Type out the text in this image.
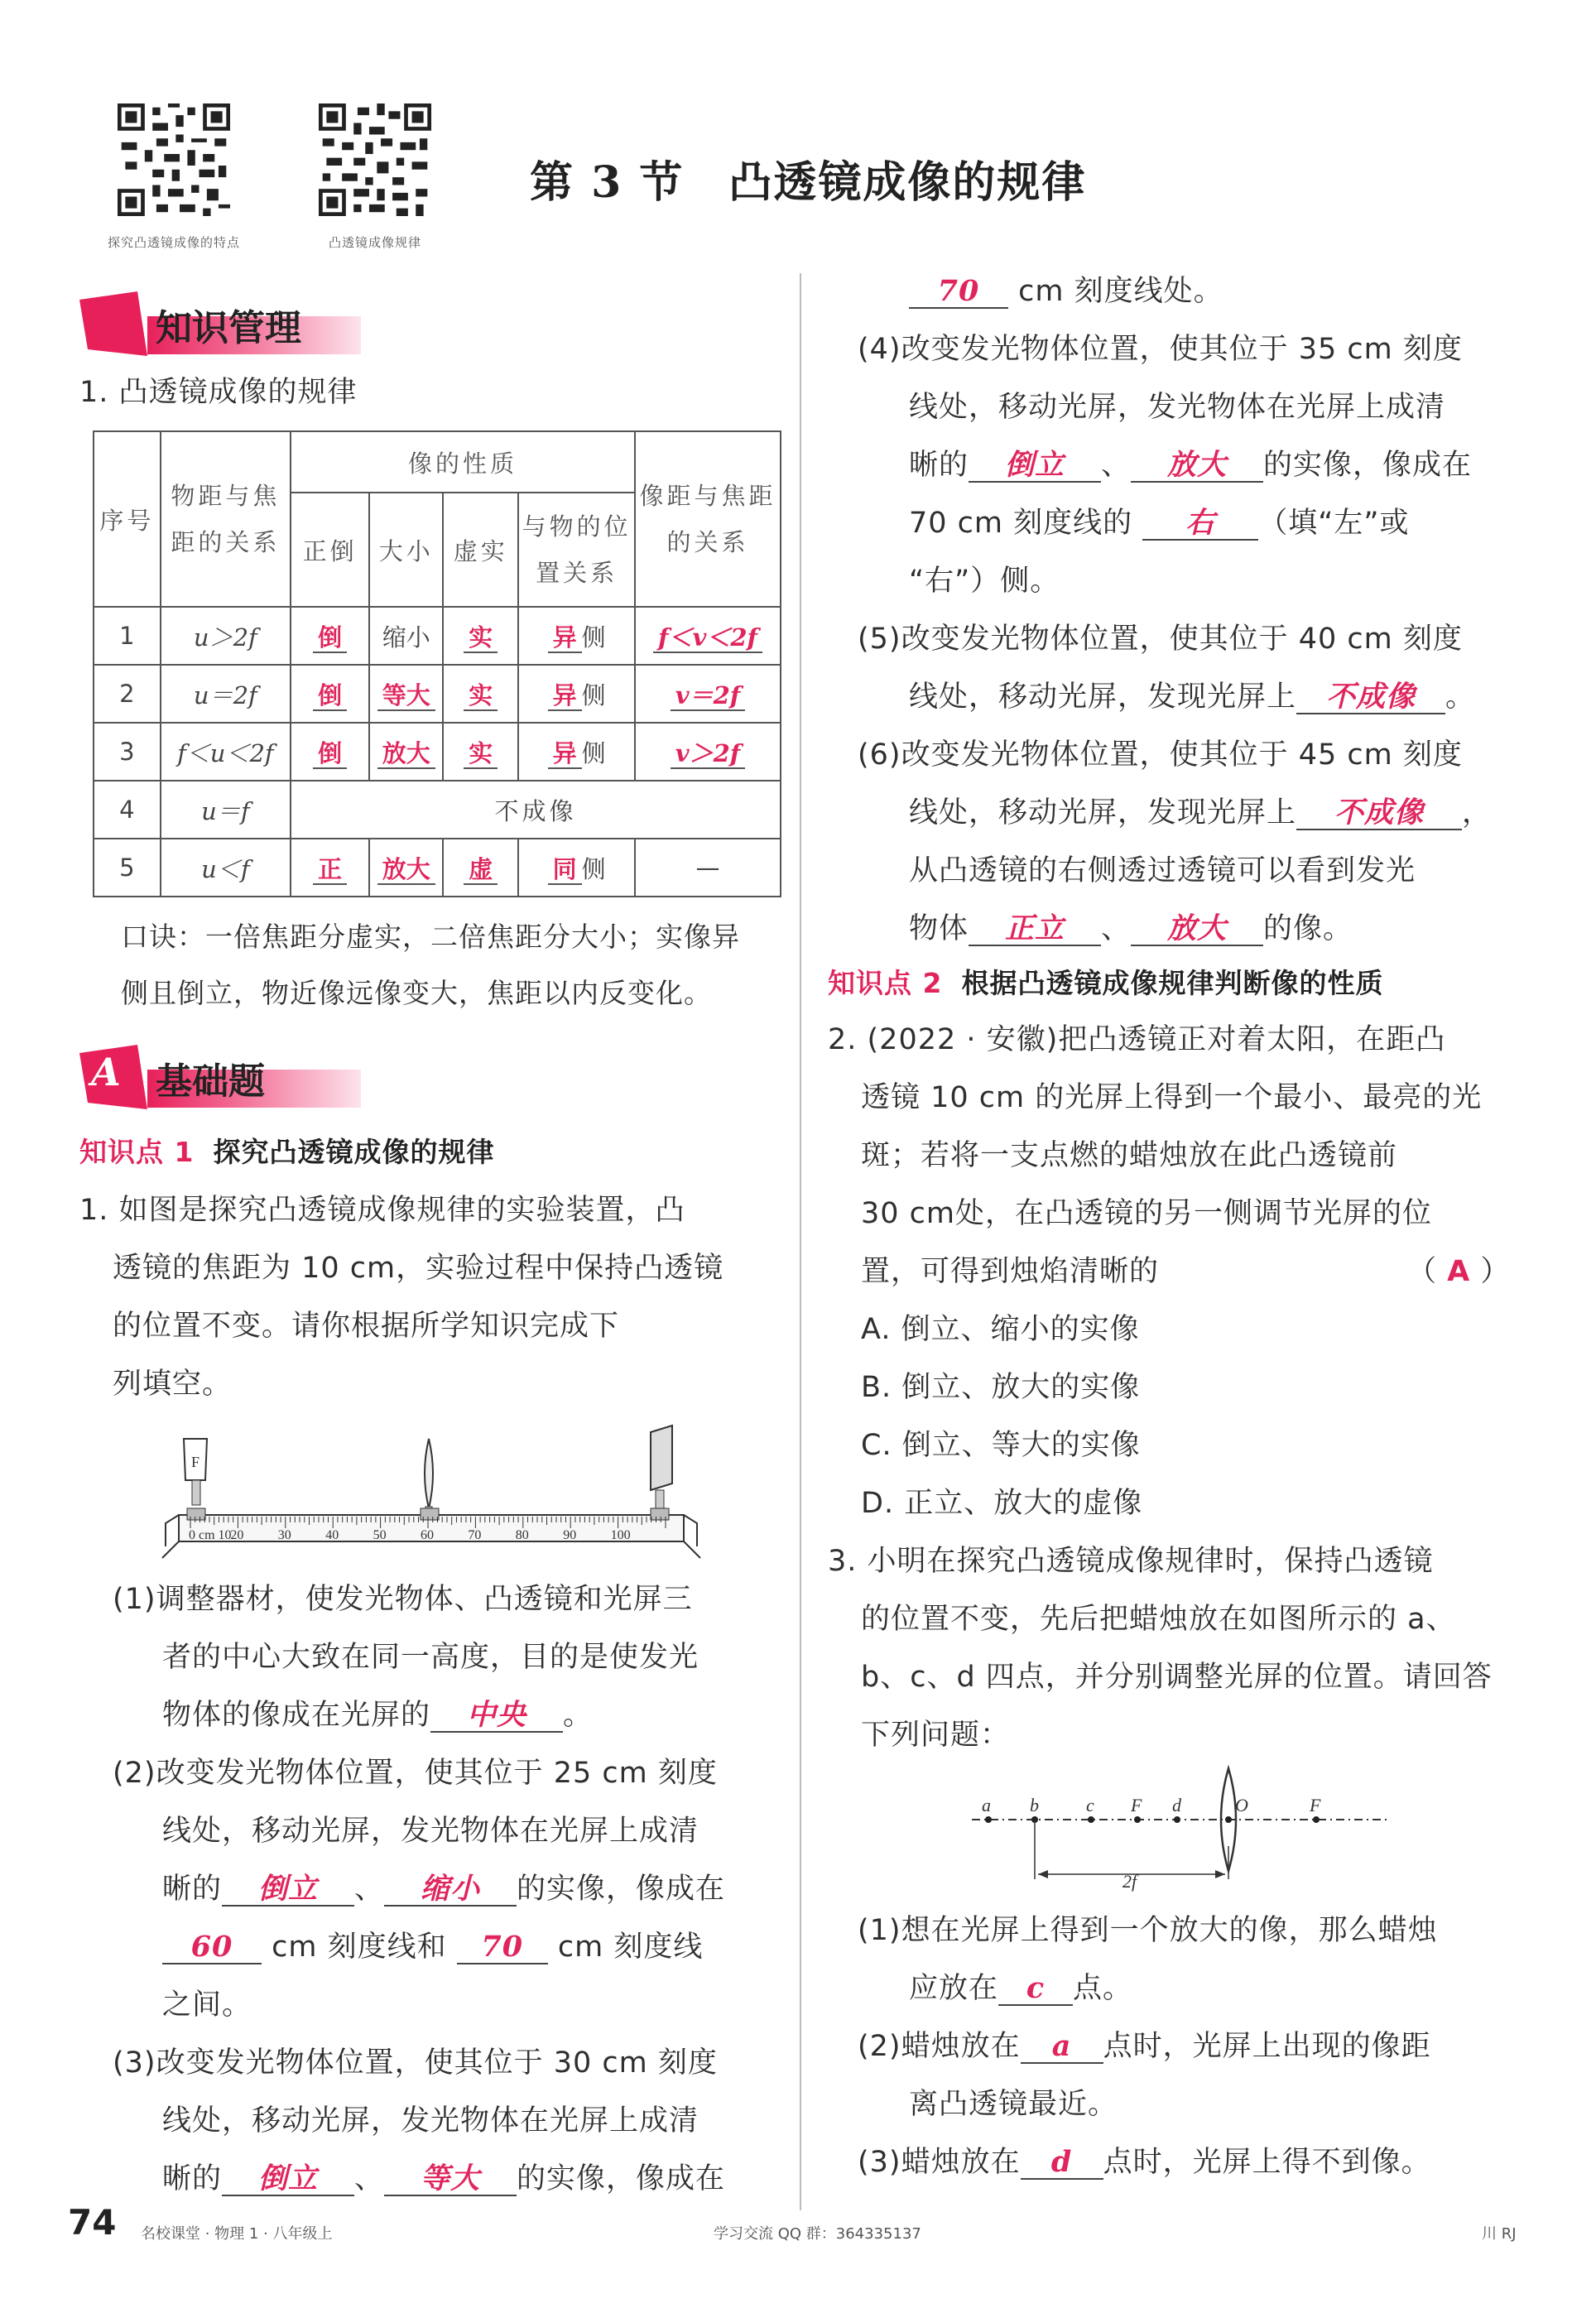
探究凸透镜成像的特点	凸透镜成像规律
第 3 节　凸透镜成像的规律
知识管理
1. 凸透镜成像的规律
序号	物距与焦距的关系	像的性质				像距与焦距的关系
		正倒	大小	虚实	与物的位置关系	
1	u＞2f	倒	缩小	实	异 侧	f＜v＜2f
2	u＝2f	倒	等大	实	异 侧	v＝2f
3	f＜u＜2f	倒	放大	实	异 侧	v＞2f
4	u＝f	不成像				
5	u＜f	正	放大	虚	同 侧	—
口诀：一倍焦距分虚实，二倍焦距分大小；实像异
侧且倒立，物近像远像变大，焦距以内反变化。
A 基础题
知识点 1 探究凸透镜成像的规律
1. 如图是探究凸透镜成像规律的实验装置，凸
透镜的焦距为 10 cm，实验过程中保持凸透镜
的位置不变。请你根据所学知识完成下
列填空。
F
0 cm 10
20	30	40	50	60	70	80	90	100
(1)调整器材，使发光物体、凸透镜和光屏三
者的中心大致在同一高度，目的是使发光
物体的像成在光屏的 中央 。
(2)改变发光物体位置，使其位于 25 cm 刻度
线处，移动光屏，发光物体在光屏上成清
晰的 倒立 、 缩小 的实像，像成在
60 cm 刻度线和 70 cm 刻度线
之间。
(3)改变发光物体位置，使其位于 30 cm 刻度
线处，移动光屏，发光物体在光屏上成清
晰的 倒立 、 等大 的实像，像成在
70 cm 刻度线处。
(4)改变发光物体位置，使其位于 35 cm 刻度
线处，移动光屏，发光物体在光屏上成清
晰的 倒立 、 放大 的实像，像成在
70 cm 刻度线的 右 （填“左”或
“右”）侧。
(5)改变发光物体位置，使其位于 40 cm 刻度
线处，移动光屏，发现光屏上 不成像 。
(6)改变发光物体位置，使其位于 45 cm 刻度
线处，移动光屏，发现光屏上 不成像 ，
从凸透镜的右侧透过透镜可以看到发光
物体 正立 、 放大 的像。
知识点 2 根据凸透镜成像规律判断像的性质
2. (2022 · 安徽)把凸透镜正对着太阳，在距凸
透镜 10 cm 的光屏上得到一个最小、最亮的光
斑；若将一支点燃的蜡烛放在此凸透镜前
30 cm处，在凸透镜的另一侧调节光屏的位
置，可得到烛焰清晰的	（ A ）
A. 倒立、缩小的实像
B. 倒立、放大的实像
C. 倒立、等大的实像
D. 正立、放大的虚像
3. 小明在探究凸透镜成像规律时，保持凸透镜
的位置不变，先后把蜡烛放在如图所示的 a、
b、c、d 四点，并分别调整光屏的位置。请回答
下列问题：
a b	c F d	O	F
2f
(1)想在光屏上得到一个放大的像，那么蜡烛
应放在 c 点。
(2)蜡烛放在 a 点时，光屏上出现的像距
离凸透镜最近。
(3)蜡烛放在 d 点时，光屏上得不到像。
74 名校课堂 · 物理 1 · 八年级上	学习交流 QQ 群：364335137	川 RJ
